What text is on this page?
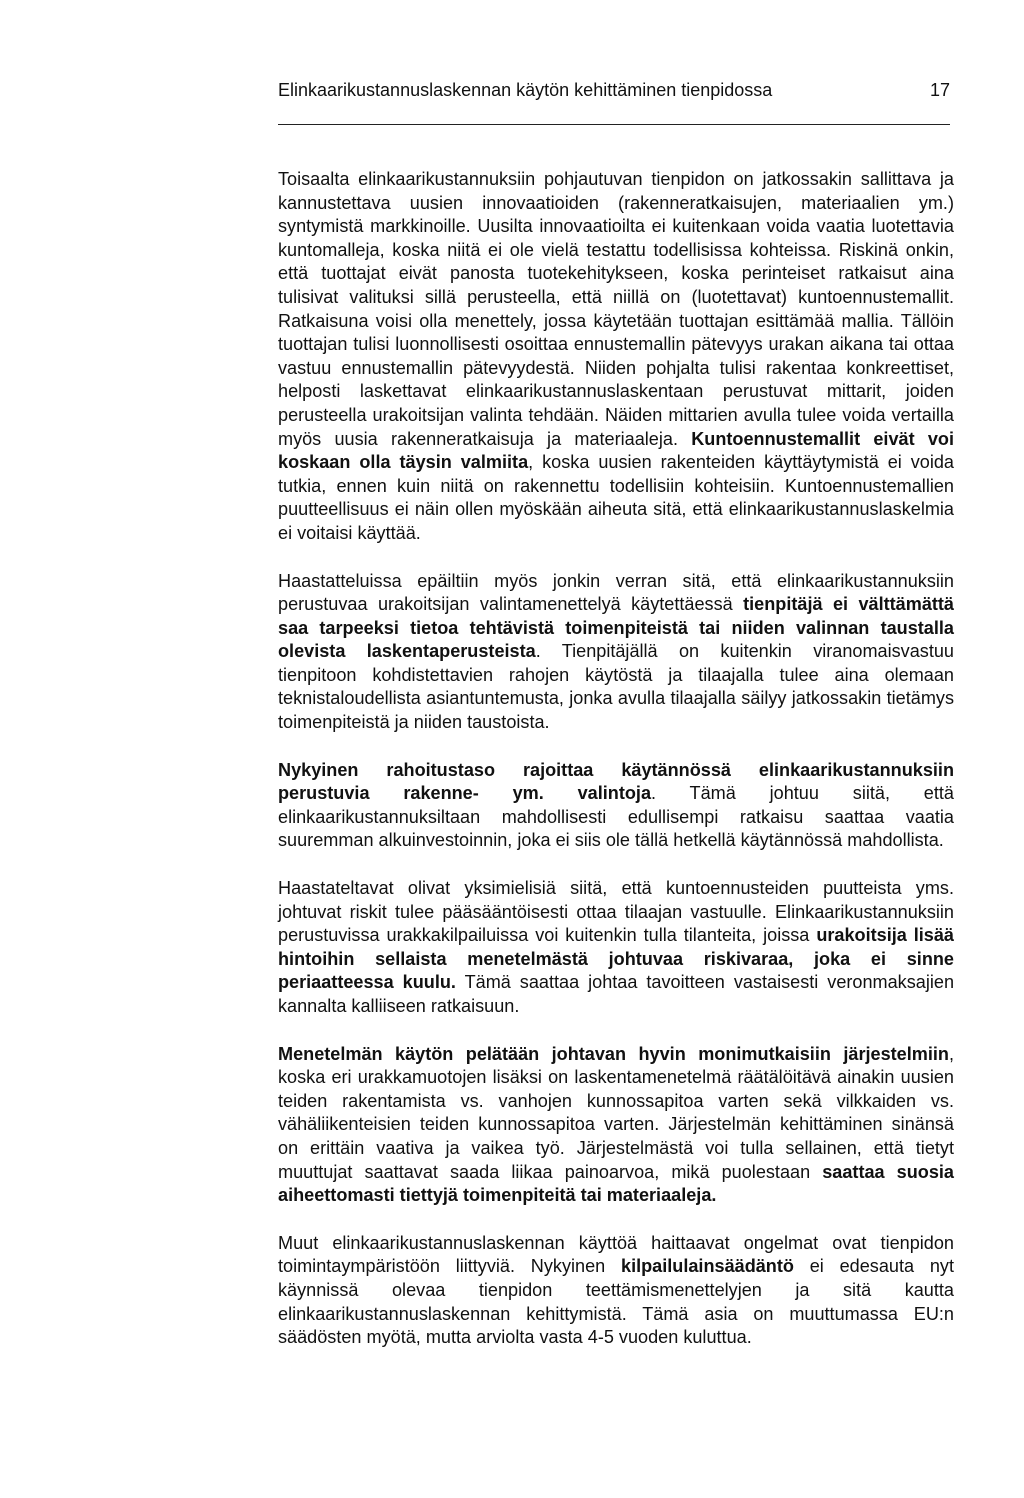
Elinkaarikustannuslaskennan käytön kehittäminen tienpidossa	17

Toisaalta elinkaarikustannuksiin pohjautuvan tienpidon on jatkossakin sallittava ja kannustettava uusien innovaatioiden (rakenneratkaisujen, materiaalien ym.) syntymistä markkinoille. Uusilta innovaatioilta ei kuitenkaan voida vaatia luotettavia kuntomalleja, koska niitä ei ole vielä testattu todellisissa kohteissa. Riskinä onkin, että tuottajat eivät panosta tuotekehitykseen, koska perinteiset ratkaisut aina tulisivat valituksi sillä perusteella, että niillä on (luotettavat) kuntoennustemallit. Ratkaisuna voisi olla menettely, jossa käytetään tuottajan esittämää mallia. Tällöin tuottajan tulisi luonnollisesti osoittaa ennustemallin pätevyys urakan aikana tai ottaa vastuu ennustemallin pätevyydestä. Niiden pohjalta tulisi rakentaa konkreettiset, helposti laskettavat elinkaarikustannuslaskentaan perustuvat mittarit, joiden perusteella urakoitsijan valinta tehdään. Näiden mittarien avulla tulee voida vertailla myös uusia rakenneratkaisuja ja materiaaleja. Kuntoennustemallit eivät voi koskaan olla täysin valmiita, koska uusien rakenteiden käyttäytymistä ei voida tutkia, ennen kuin niitä on rakennettu todellisiin kohteisiin. Kuntoennustemallien puutteellisuus ei näin ollen myöskään aiheuta sitä, että elinkaarikustannuslaskelmia ei voitaisi käyttää.

Haastatteluissa epäiltiin myös jonkin verran sitä, että elinkaarikustannuksiin perustuvaa urakoitsijan valintamenettelyä käytettäessä tienpitäjä ei välttämättä saa tarpeeksi tietoa tehtävistä toimenpiteistä tai niiden valinnan taustalla olevista laskentaperusteista. Tienpitäjällä on kuitenkin viranomaisvastuu tienpitoon kohdistettavien rahojen käytöstä ja tilaajalla tulee aina olemaan teknistaloudellista asiantuntemusta, jonka avulla tilaajalla säilyy jatkossakin tietämys toimenpiteistä ja niiden taustoista.

Nykyinen rahoitustaso rajoittaa käytännössä elinkaarikustannuksiin perustuvia rakenne- ym. valintoja. Tämä johtuu siitä, että elinkaarikustannuksiltaan mahdollisesti edullisempi ratkaisu saattaa vaatia suuremman alkuinvestoinnin, joka ei siis ole tällä hetkellä käytännössä mahdollista.

Haastateltavat olivat yksimielisiä siitä, että kuntoennusteiden puutteista yms. johtuvat riskit tulee pääsääntöisesti ottaa tilaajan vastuulle. Elinkaarikustannuksiin perustuvissa urakkakilpailuissa voi kuitenkin tulla tilanteita, joissa urakoitsija lisää hintoihin sellaista menetelmästä johtuvaa riskivaraa, joka ei sinne periaatteessa kuulu. Tämä saattaa johtaa tavoitteen vastaisesti veronmaksajien kannalta kalliiseen ratkaisuun.

Menetelmän käytön pelätään johtavan hyvin monimutkaisiin järjestelmiin, koska eri urakkamuotojen lisäksi on laskentamenetelmä räätälöitävä ainakin uusien teiden rakentamista vs. vanhojen kunnossapitoa varten sekä vilkkaiden vs. vähäliikenteisien teiden kunnossapitoa varten. Järjestelmän kehittäminen sinänsä on erittäin vaativa ja vaikea työ. Järjestelmästä voi tulla sellainen, että tietyt muuttujat saattavat saada liikaa painoarvoa, mikä puolestaan saattaa suosia aiheettomasti tiettyjä toimenpiteitä tai materiaaleja.

Muut elinkaarikustannuslaskennan käyttöä haittaavat ongelmat ovat tienpidon toimintaympäristöön liittyviä. Nykyinen kilpailulainsäädäntö ei edesauta nyt käynnissä olevaa tienpidon teettämismenettelyjen ja sitä kautta elinkaarikustannuslaskennan kehittymistä. Tämä asia on muuttumassa EU:n säädösten myötä, mutta arviolta vasta 4-5 vuoden kuluttua.
